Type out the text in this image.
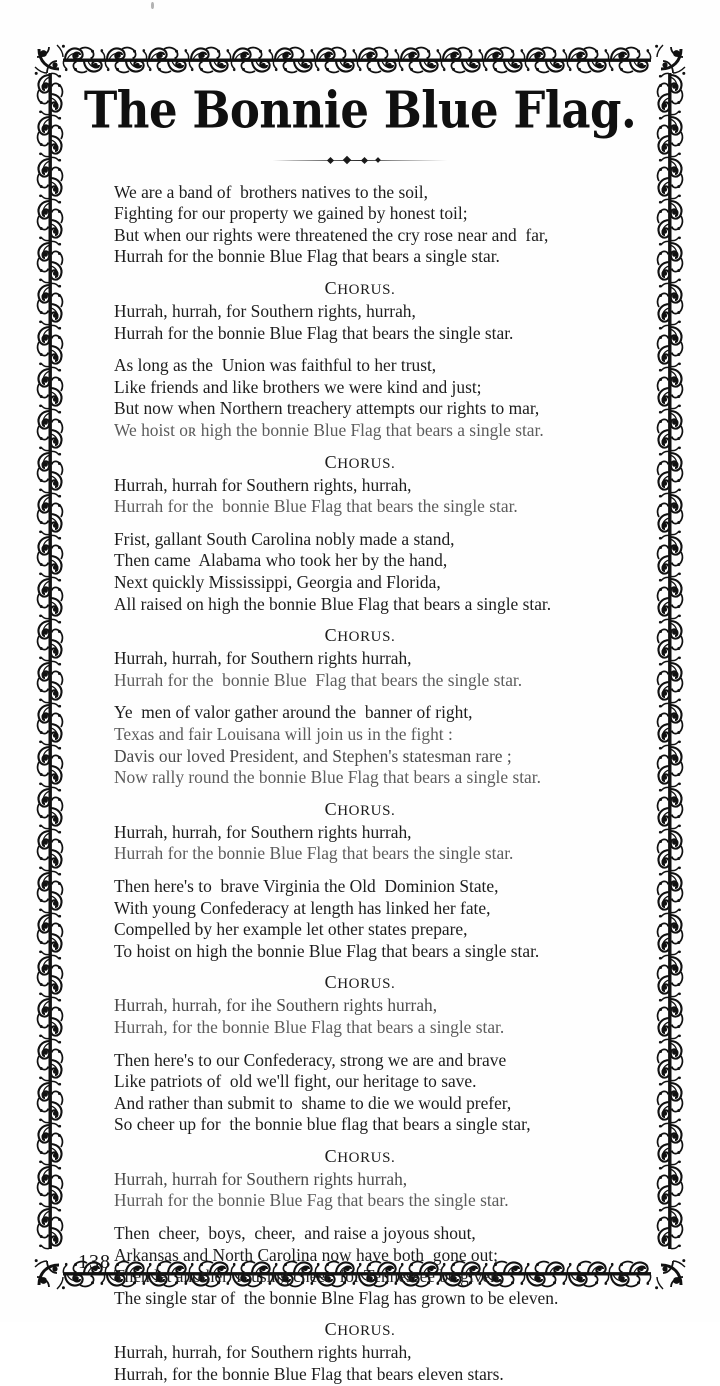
The Bonnie Blue Flag.
We are a band of  brothers natives to the soil,
Fighting for our property we gained by honest toil;
But when our rights were threatened the cry rose near and  far,
Hurrah for the bonnie Blue Flag that bears a single star.
CHORUS.
Hurrah, hurrah, for Southern rights, hurrah,
Hurrah for the bonnie Blue Flag that bears the single star.
As long as the  Union was faithful to her trust,
Like friends and like brothers we were kind and just;
But now when Northern treachery attempts our rights to mar,
We hoist oʀ high the bonnie Blue Flag that bears a single star.
CHORUS.
Hurrah, hurrah for Southern rights, hurrah,
Hurrah for the  bonnie Blue Flag that bears the single star.
Frist, gallant South Carolina nobly made a stand,
Then came  Alabama who took her by the hand,
Next quickly Mississippi, Georgia and Florida,
All raised on high the bonnie Blue Flag that bears a single star.
CHORUS.
Hurrah, hurrah, for Southern rights hurrah,
Hurrah for the  bonnie Blue  Flag that bears the single star.
Ye  men of valor gather around the  banner of right,
Texas and fair Louisana will join us in the fight :
Davis our loved President, and Stephen's statesman rare ;
Now rally round the bonnie Blue Flag that bears a single star.
CHORUS.
Hurrah, hurrah, for Southern rights hurrah,
Hurrah for the bonnie Blue Flag that bears the single star.
Then here's to  brave Virginia the Old  Dominion State,
With young Confederacy at length has linked her fate,
Compelled by her example let other states prepare,
To hoist on high the bonnie Blue Flag that bears a single star.
CHORUS.
Hurrah, hurrah, for ihe Southern rights hurrah,
Hurrah, for the bonnie Blue Flag that bears a single star.
Then here's to our Confederacy, strong we are and brave
Like patriots of  old we'll fight, our heritage to save.
And rather than submit to  shame to die we would prefer,
So cheer up for  the bonnie blue flag that bears a single star,
CHORUS.
Hurrah, hurrah for Southern rights hurrah,
Hurrah for the bonnie Blue Fag that bears the single star.
Then  cheer,  boys,  cheer,  and raise a joyous shout,
Arkansas and North Carolina now have both  gone out;
Then let another  rousing cheer  for Tennessee be given,
The single star of  the bonnie Blne Flag has grown to be eleven.
CHORUS.
Hurrah, hurrah, for Southern rights hurrah,
Hurrah, for the bonnie Blue Flag that bears eleven stars.
138
